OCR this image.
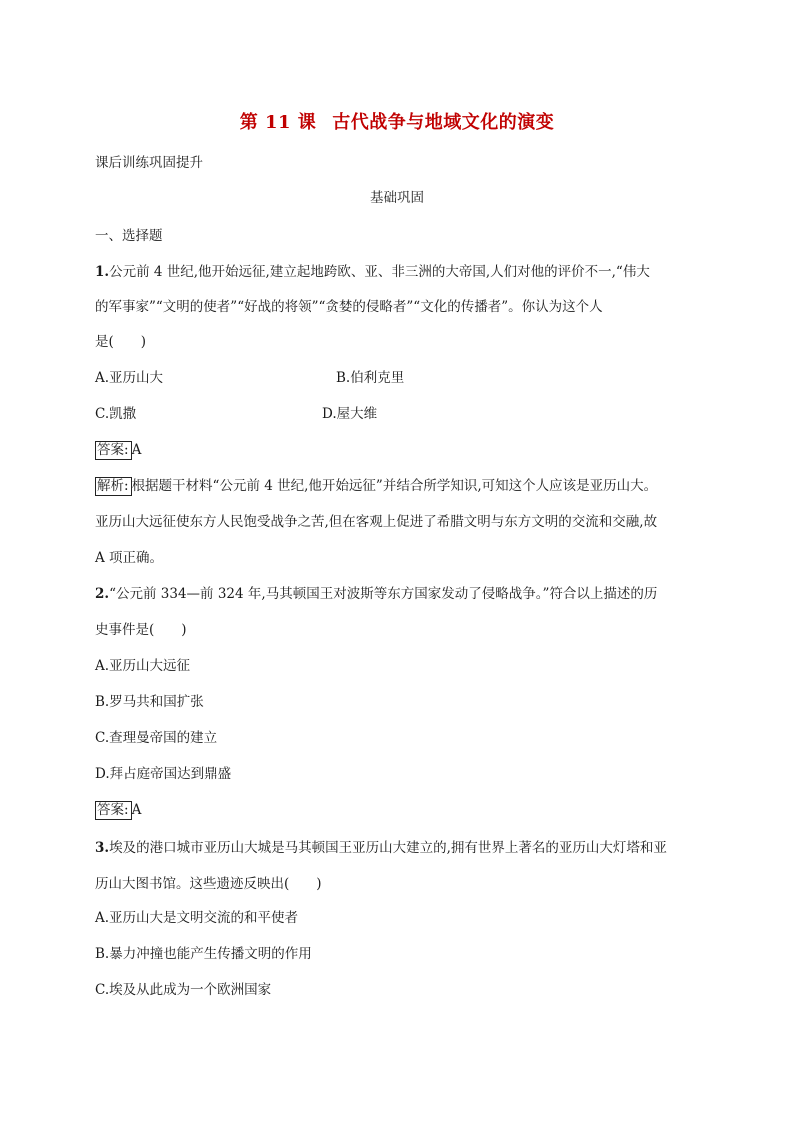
第 11 课 古代战争与地域文化的演变
课后训练巩固提升
基础巩固
一、选择题
1.公元前 4 世纪,他开始远征,建立起地跨欧、亚、非三洲的大帝国,人们对他的评价不一,“伟大
的军事家”“文明的使者”“好战的将领”“贪婪的侵略者”“文化的传播者”。你认为这个人
是(　　)
A.亚历山大	B.伯利克里
C.凯撒	D.屋大维
答案: A
解析: 根据题干材料“公元前 4 世纪,他开始远征”并结合所学知识,可知这个人应该是亚历山大。
亚历山大远征使东方人民饱受战争之苦,但在客观上促进了希腊文明与东方文明的交流和交融,故
A 项正确。
2.“公元前 334—前 324 年,马其顿国王对波斯等东方国家发动了侵略战争。”符合以上描述的历
史事件是(　　)
A.亚历山大远征
B.罗马共和国扩张
C.查理曼帝国的建立
D.拜占庭帝国达到鼎盛
答案: A
3.埃及的港口城市亚历山大城是马其顿国王亚历山大建立的,拥有世界上著名的亚历山大灯塔和亚
历山大图书馆。这些遗迹反映出(　　)
A.亚历山大是文明交流的和平使者
B.暴力冲撞也能产生传播文明的作用
C.埃及从此成为一个欧洲国家
